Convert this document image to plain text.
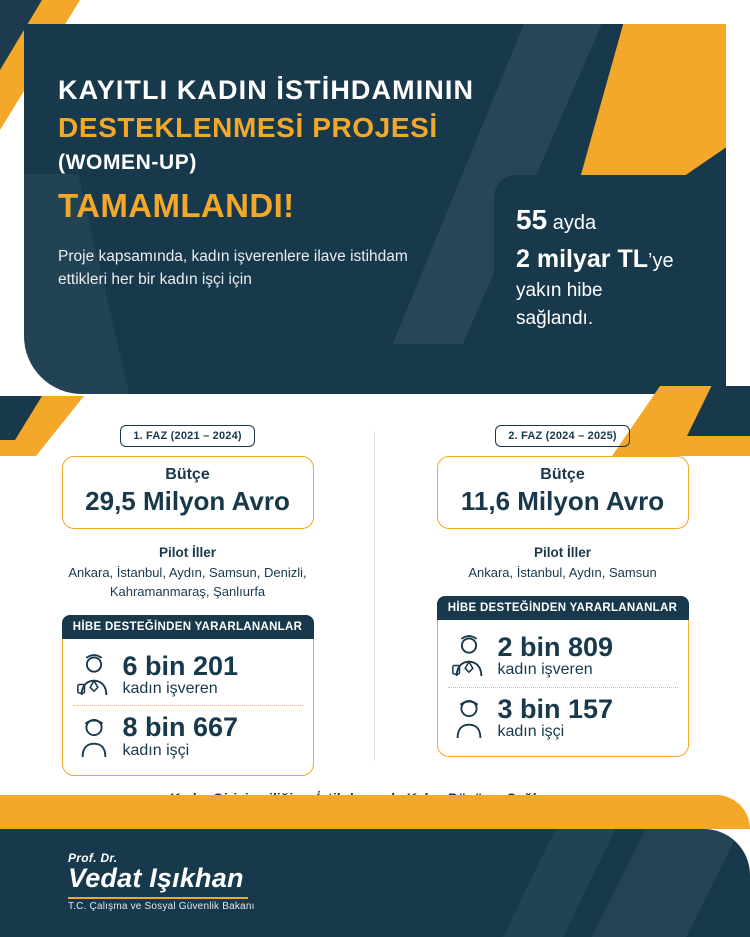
KAYITLI KADIN İSTİHDAMININ
DESTEKLENMESİ PROJESİ
(WOMEN-UP)
TAMAMLANDI!
Proje kapsamında, kadın işverenlere ilave istihdam ettikleri her bir kadın işçi için
55 ayda
2 milyar TL’ye
yakın hibe
sağlandı.
1. FAZ (2021 – 2024)
Bütçe
29,5 Milyon Avro
Pilot İller
Ankara, İstanbul, Aydın, Samsun, Denizli, Kahramanmaraş, Şanlıurfa
HİBE DESTEĞİNDEN YARARLANANLAR
6 bin 201
kadın işveren
8 bin 667
kadın işçi
2. FAZ (2024 – 2025)
Bütçe
11,6 Milyon Avro
Pilot İller
Ankara, İstanbul, Aydın, Samsun
HİBE DESTEĞİNDEN YARARLANANLAR
2 bin 809
kadın işveren
3 bin 157
kadın işçi
Prof. Dr.
Vedat Işıkhan
T.C. Çalışma ve Sosyal Güvenlik Bakanı
